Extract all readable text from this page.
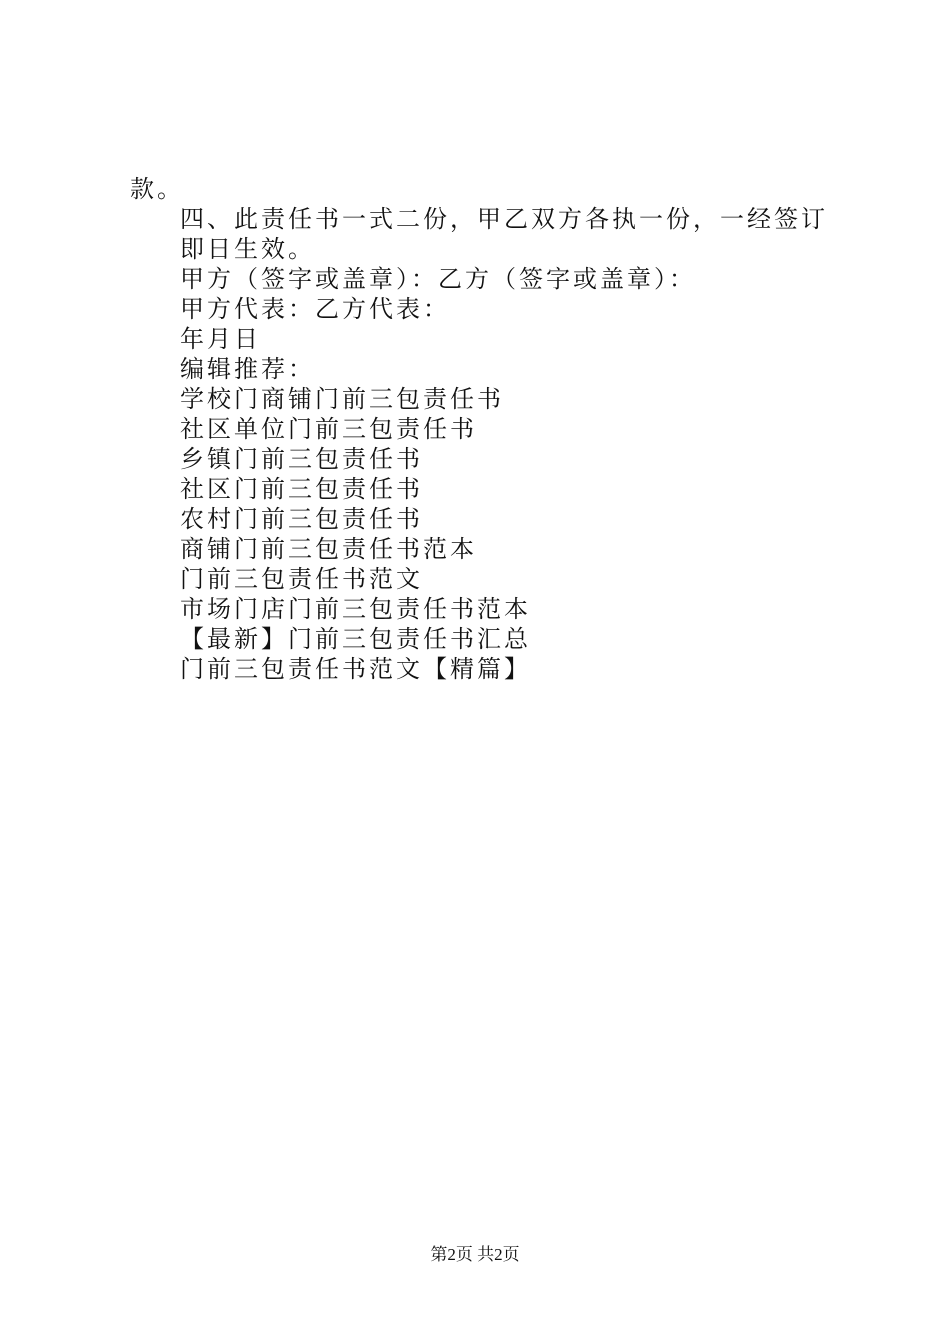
款。
四、此责任书一式二份，甲乙双方各执一份，一经签订即日生效。
甲方（签字或盖章）：乙方（签字或盖章）：
甲方代表：乙方代表：
年月日
编辑推荐：
学校门商铺门前三包责任书
社区单位门前三包责任书
乡镇门前三包责任书
社区门前三包责任书
农村门前三包责任书
商铺门前三包责任书范本
门前三包责任书范文
市场门店门前三包责任书范本
【最新】门前三包责任书汇总
门前三包责任书范文【精篇】
第2页 共2页
